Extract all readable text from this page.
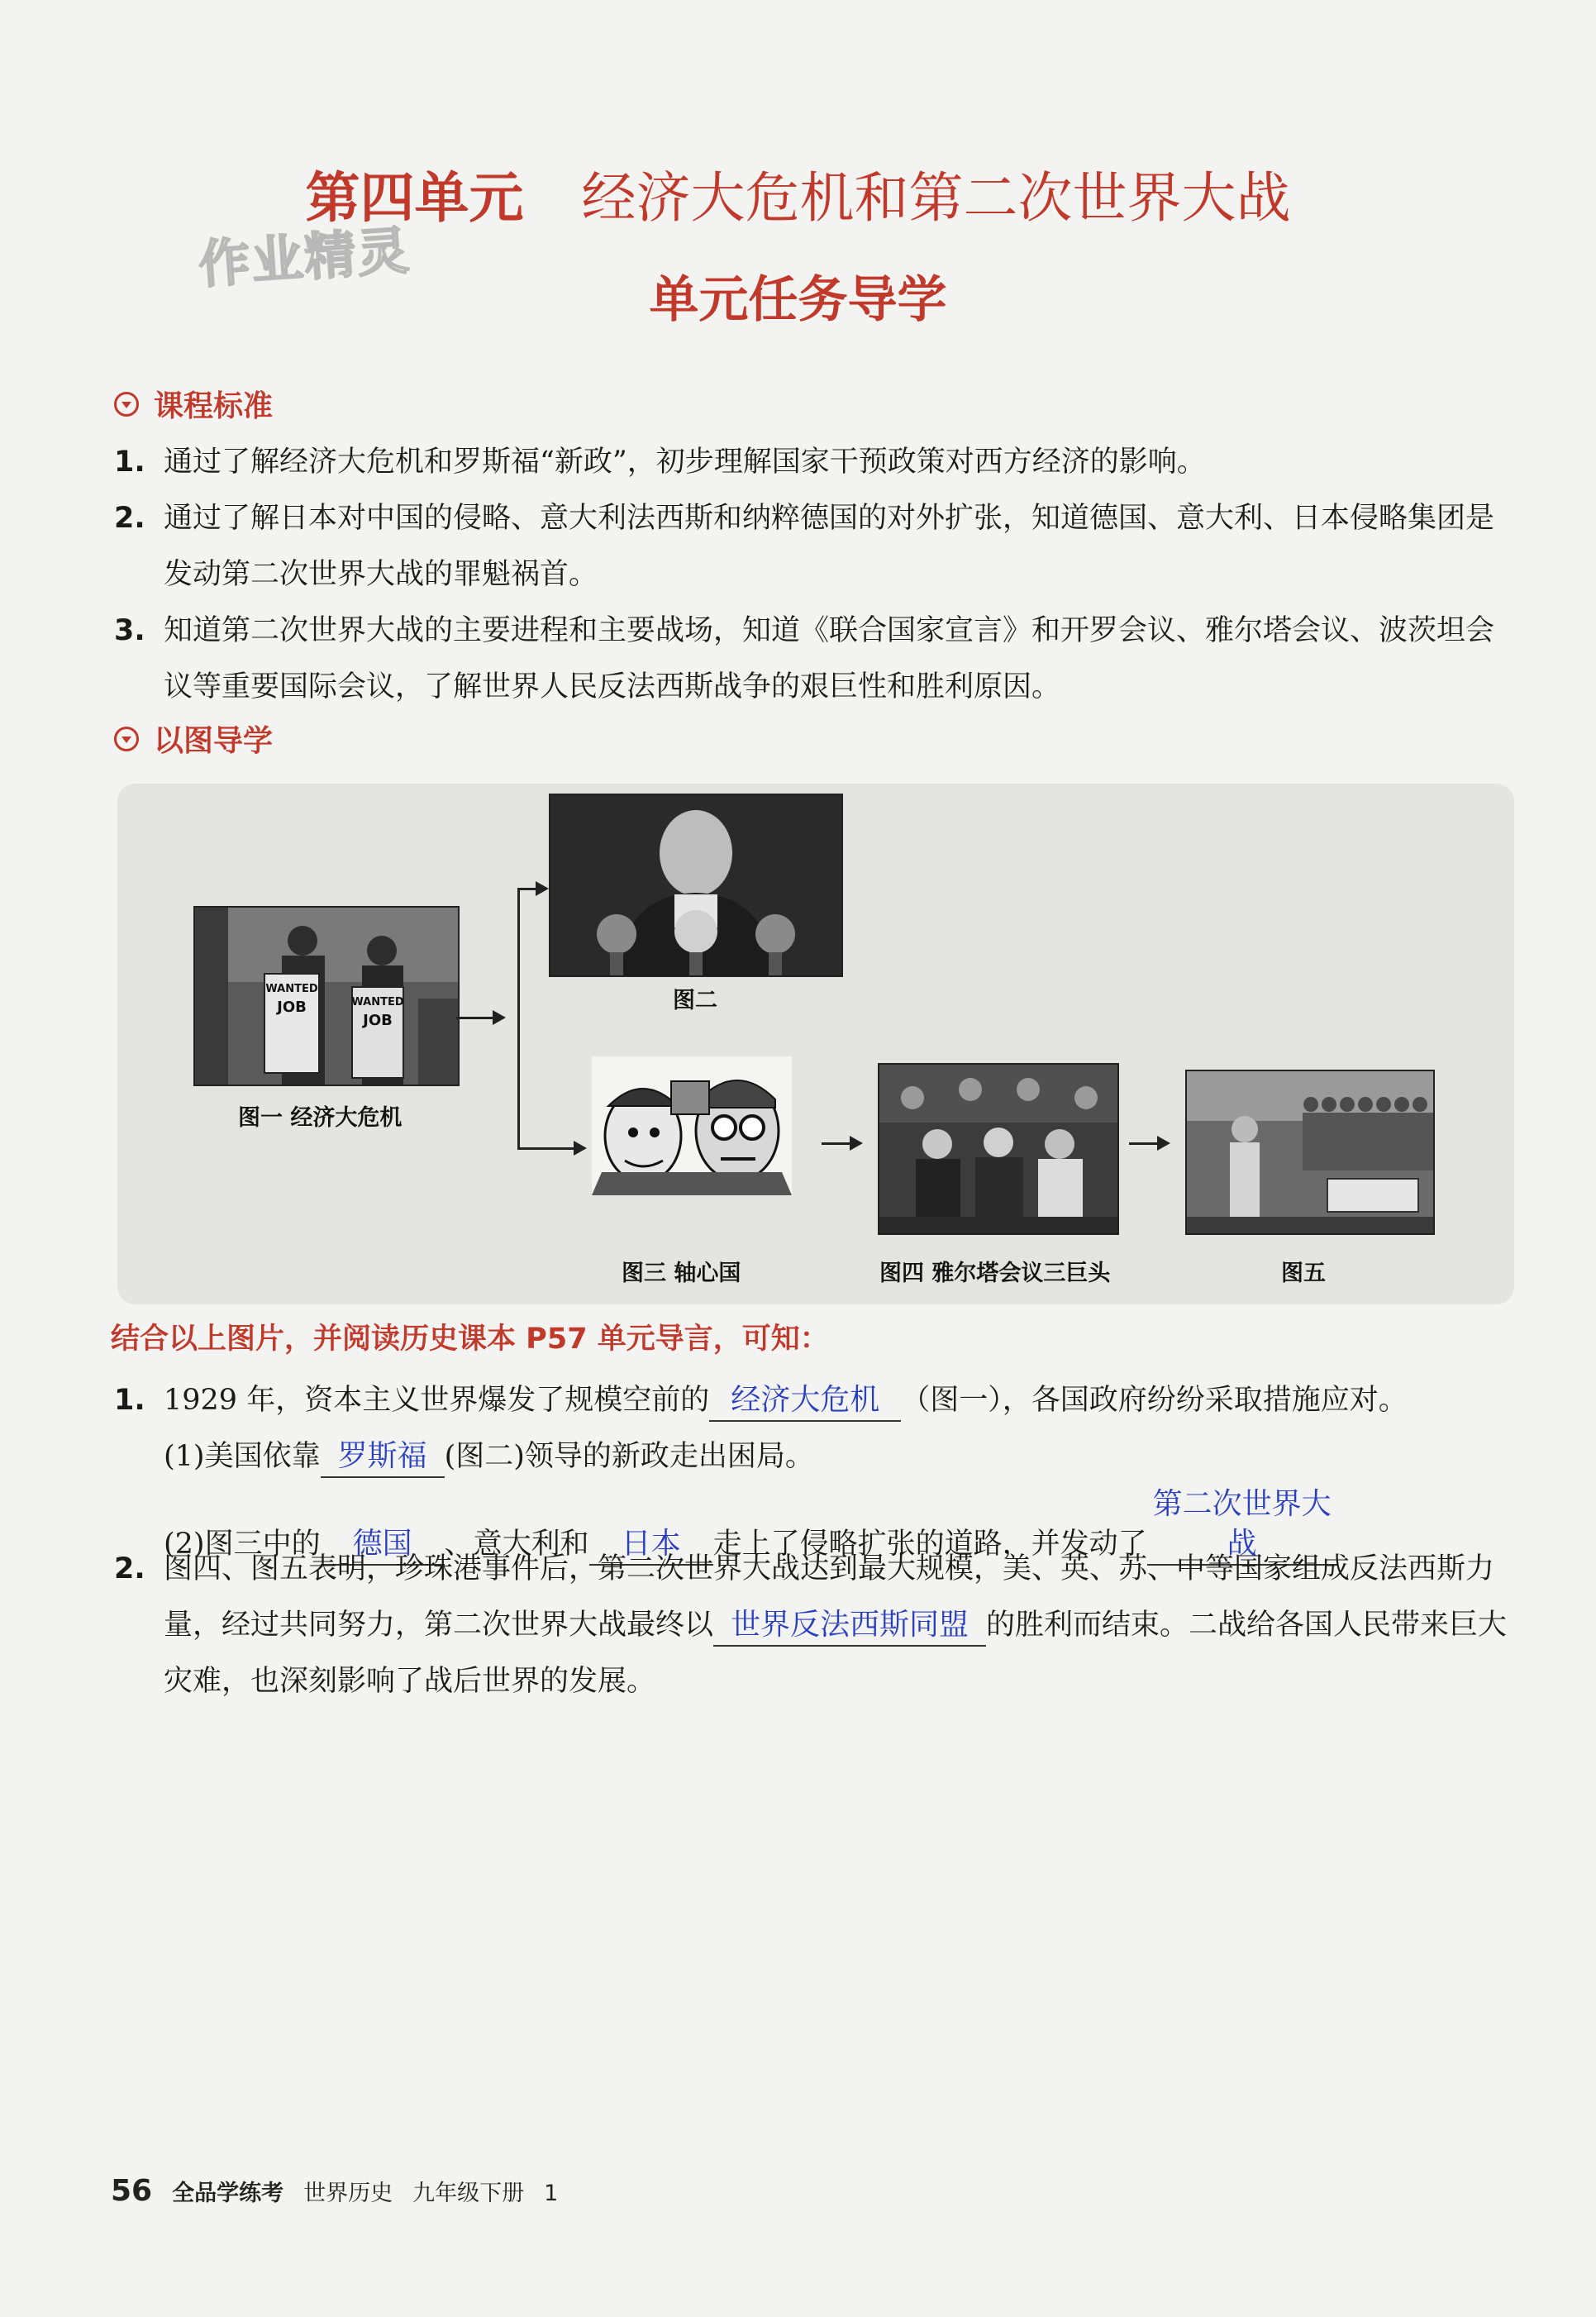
作业精灵
第四单元 经济大危机和第二次世界大战
单元任务导学
课程标准
1. 通过了解经济大危机和罗斯福“新政”，初步理解国家干预政策对西方经济的影响。
2. 通过了解日本对中国的侵略、意大利法西斯和纳粹德国的对外扩张，知道德国、意大利、日本侵略集团是发动第二次世界大战的罪魁祸首。
3. 知道第二次世界大战的主要进程和主要战场，知道《联合国家宣言》和开罗会议、雅尔塔会议、波茨坦会议等重要国际会议，了解世界人民反法西斯战争的艰巨性和胜利原因。
以图导学
WANTED
JOB	WANTED
JOB
图一 经济大危机
图二
图三 轴心国	图四 雅尔塔会议三巨头	图五
结合以上图片，并阅读历史课本 P57 单元导言，可知：
1. 1929 年，资本主义世界爆发了规模空前的 经济大危机 （图一），各国政府纷纷采取措施应对。
(1)美国依靠 罗斯福 (图二)领导的新政走出困局。
(2)图三中的 德国 、意大利和 日本 走上了侵略扩张的道路，并发动了第二次世界大战
2. 图四、图五表明，珍珠港事件后，第二次世界大战达到最大规模，美、英、苏、中等国家组成反法西斯力量，经过共同努力，第二次世界大战最终以 世界反法西斯同盟 的胜利而结束。二战给各国人民带来巨大灾难，也深刻影响了战后世界的发展。
56 全品学练考 世界历史 九年级下册 1
